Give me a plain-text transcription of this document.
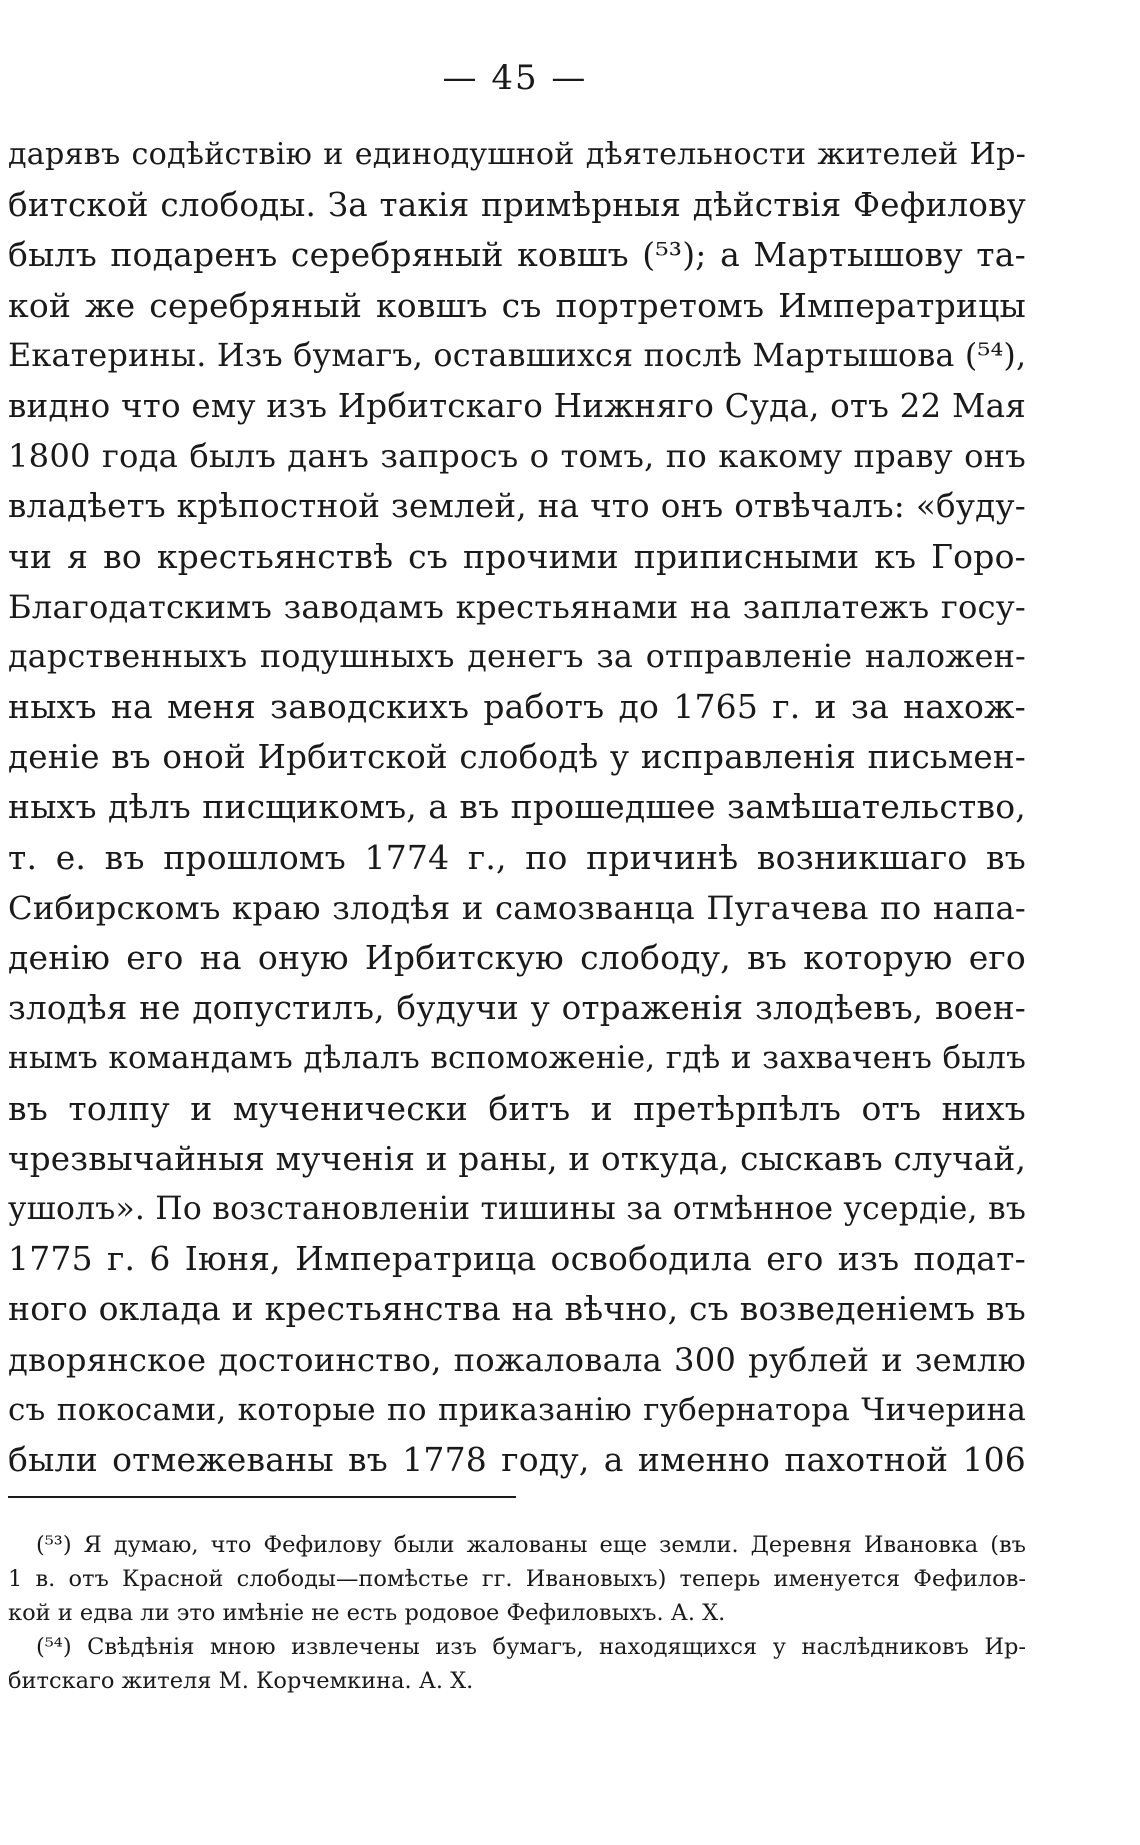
— 45 —
дарявъ содѣйствію и единодушной дѣятельности жителей Ир-
битской слободы. За такія примѣрныя дѣйствія Фефилову
былъ подаренъ серебряный ковшъ (⁵³); а Мартышову та-
кой же серебряный ковшъ съ портретомъ Императрицы
Екатерины. Изъ бумагъ, оставшихся послѣ Мартышова (⁵⁴),
видно что ему изъ Ирбитскаго Нижняго Суда, отъ 22 Мая
1800 года былъ данъ запросъ о томъ, по какому праву онъ
владѣетъ крѣпостной землей, на что онъ отвѣчалъ: «буду-
чи я во крестьянствѣ съ прочими приписными къ Горо-
Благодатскимъ заводамъ крестьянами на заплатежъ госу-
дарственныхъ подушныхъ денегъ за отправленіе наложен-
ныхъ на меня заводскихъ работъ до 1765 г. и за нахож-
деніе въ оной Ирбитской слободѣ у исправленія письмен-
ныхъ дѣлъ писщикомъ, а въ прошедшее замѣшательство,
т. е. въ прошломъ 1774 г., по причинѣ возникшаго въ
Сибирскомъ краю злодѣя и самозванца Пугачева по напа-
денію его на оную Ирбитскую слободу, въ которую его
злодѣя не допустилъ, будучи у отраженія злодѣевъ, воен-
нымъ командамъ дѣлалъ вспоможеніе, гдѣ и захваченъ былъ
въ толпу и мученически битъ и претѣрпѣлъ отъ нихъ
чрезвычайныя мученія и раны, и откуда, сыскавъ случай,
ушолъ». По возстановленіи тишины за отмѣнное усердіе, въ
1775 г. 6 Іюня, Императрица освободила его изъ подат-
ного оклада и крестьянства на вѣчно, съ возведеніемъ въ
дворянское достоинство, пожаловала 300 рублей и землю
съ покосами, которые по приказанію губернатора Чичерина
были отмежеваны въ 1778 году, а именно пахотной 106
(⁵³) Я думаю, что Фефилову были жалованы еще земли. Деревня Ивановка (въ
1 в. отъ Красной слободы—помѣстье гг. Ивановыхъ) теперь именуется Фефилов-
кой и едва ли это имѣніе не есть родовое Фефиловыхъ. А. Х.
(⁵⁴) Свѣдѣнія мною извлечены изъ бумагъ, находящихся у наслѣдниковъ Ир-
битскаго жителя М. Корчемкина. А. Х.
